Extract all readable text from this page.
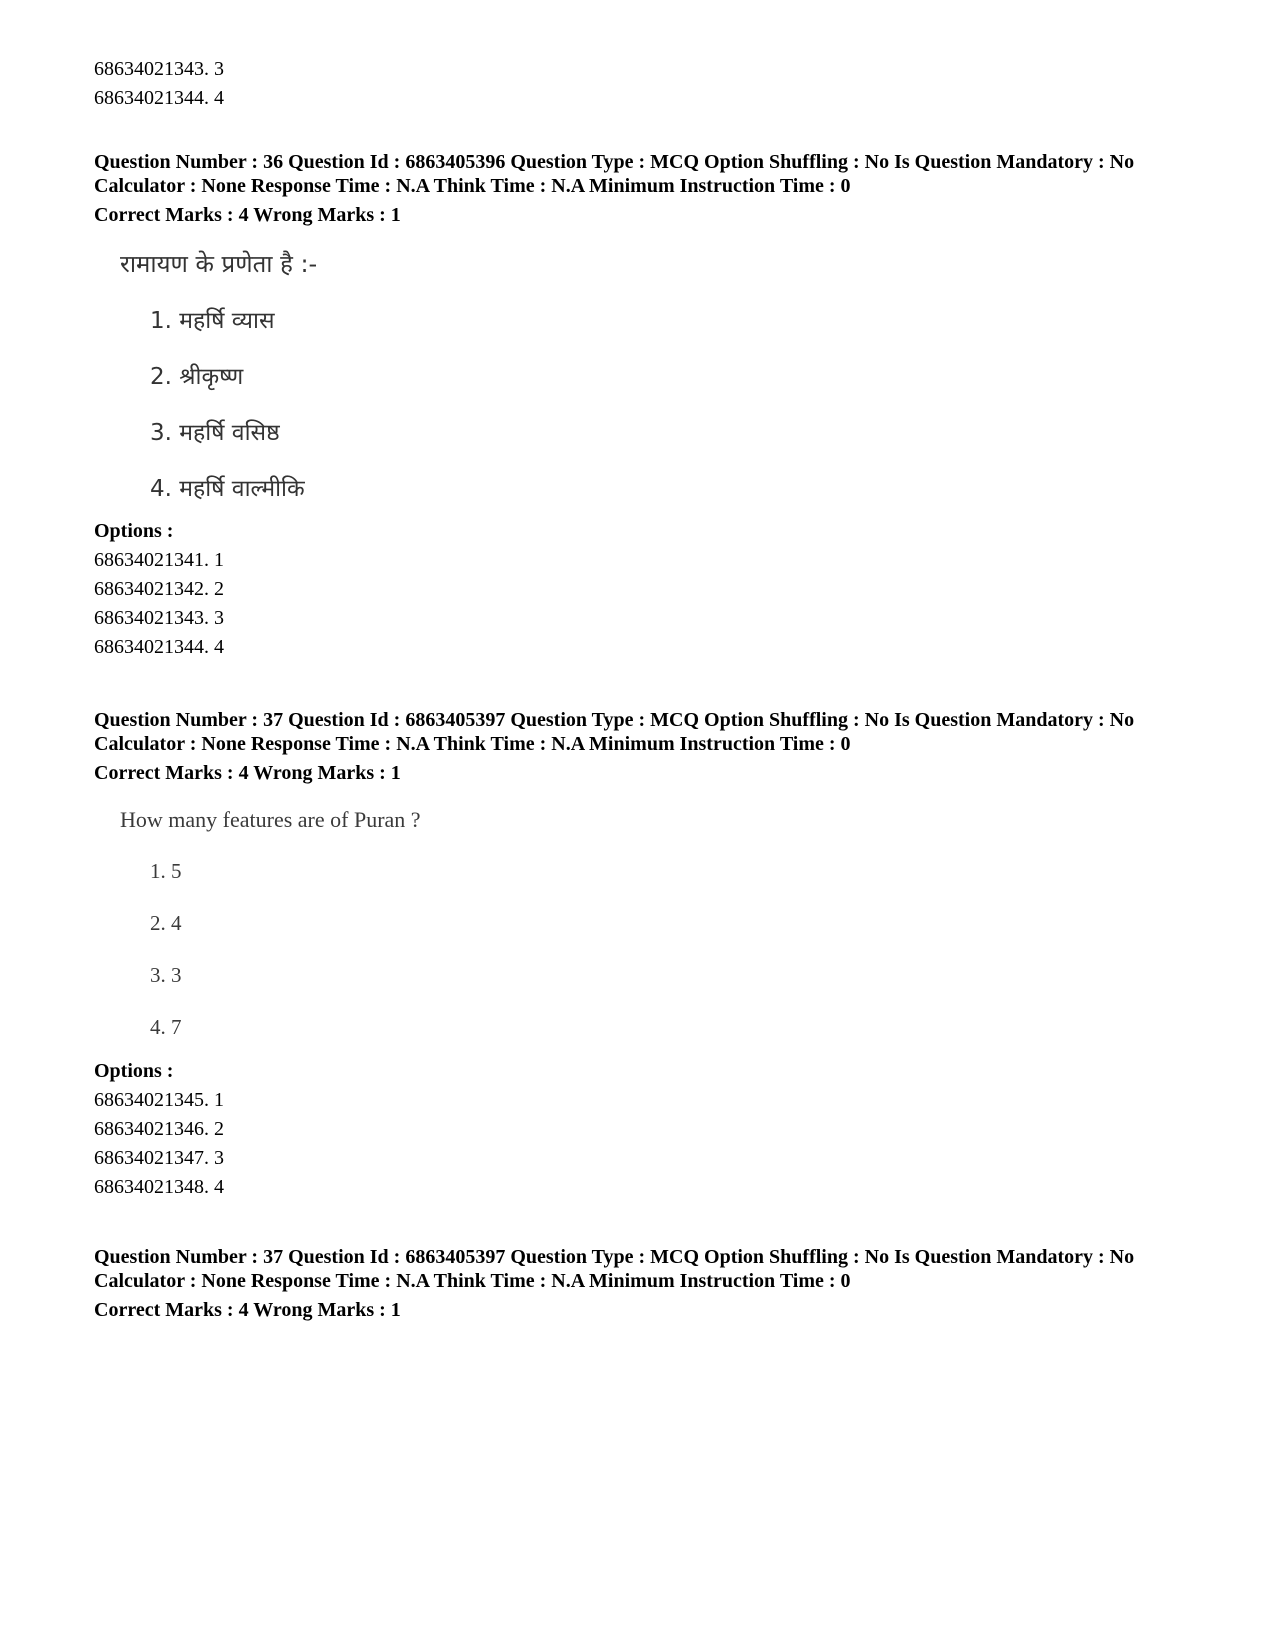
68634021343. 3

68634021344. 4

Question Number : 36 Question Id : 6863405396 Question Type : MCQ Option Shuffling : No Is Question Mandatory : No Calculator : None Response Time : N.A Think Time : N.A Minimum Instruction Time : 0

Correct Marks : 4 Wrong Marks : 1

रामायण के प्रणेता है :-

1. महर्षि व्यास

2. श्रीकृष्ण

3. महर्षि वसिष्ठ

4. महर्षि वाल्मीकि

Options :

68634021341. 1

68634021342. 2

68634021343. 3

68634021344. 4

Question Number : 37 Question Id : 6863405397 Question Type : MCQ Option Shuffling : No Is Question Mandatory : No Calculator : None Response Time : N.A Think Time : N.A Minimum Instruction Time : 0

Correct Marks : 4 Wrong Marks : 1

How many features are of Puran ?

1. 5

2. 4

3. 3

4. 7

Options :

68634021345. 1

68634021346. 2

68634021347. 3

68634021348. 4

Question Number : 37 Question Id : 6863405397 Question Type : MCQ Option Shuffling : No Is Question Mandatory : No Calculator : None Response Time : N.A Think Time : N.A Minimum Instruction Time : 0

Correct Marks : 4 Wrong Marks : 1
